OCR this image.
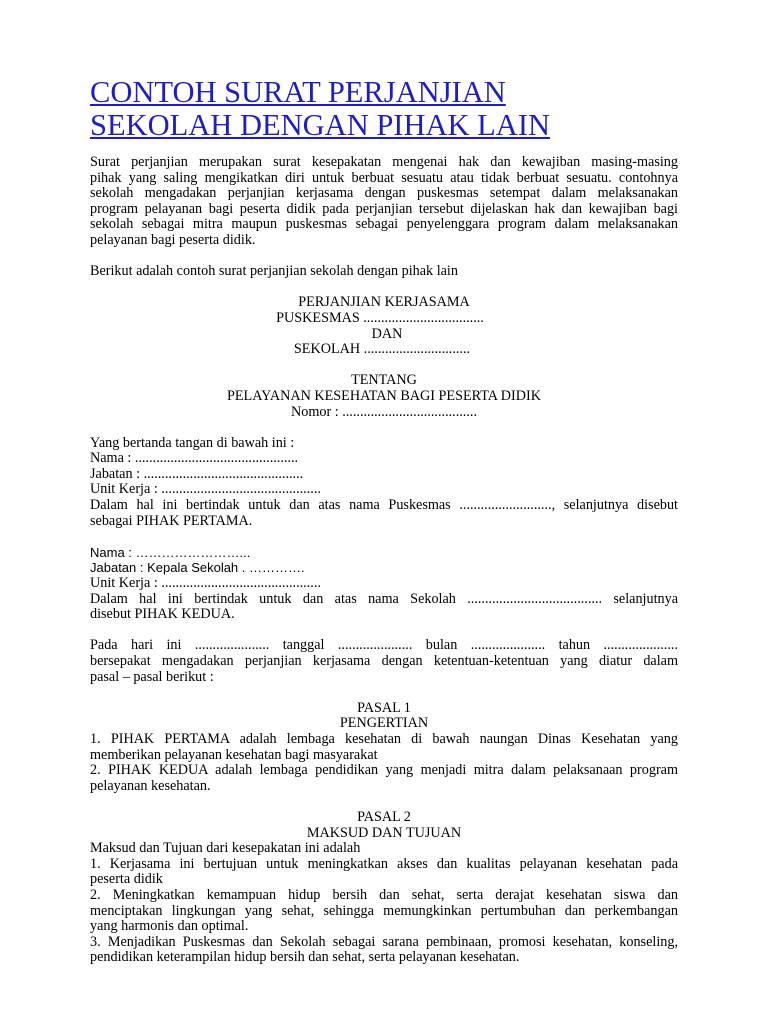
CONTOH SURAT PERJANJIAN
SEKOLAH DENGAN PIHAK LAIN

Surat perjanjian merupakan surat kesepakatan mengenai hak dan kewajiban masing-masing

pihak yang saling mengikatkan diri untuk berbuat sesuatu atau tidak berbuat sesuatu. contohnya

sekolah mengadakan perjanjian kerjasama dengan puskesmas setempat dalam melaksanakan

program pelayanan bagi peserta didik pada perjanjian tersebut dijelaskan hak dan kewajiban bagi

sekolah sebagai mitra maupun puskesmas sebagai penyelenggara program dalam melaksanakan

pelayanan bagi peserta didik.

Berikut adalah contoh surat perjanjian sekolah dengan pihak lain

PERJANJIAN KERJASAMA

PUSKESMAS ..................................

DAN

SEKOLAH ..............................

TENTANG

PELAYANAN KESEHATAN BAGI PESERTA DIDIK

Nomor : ......................................

Yang bertanda tangan di bawah ini :

Nama : ..............................................

Jabatan : .............................................

Unit Kerja : .............................................

Dalam hal ini bertindak untuk dan atas nama Puskesmas .........................., selanjutnya disebut

sebagai PIHAK PERTAMA.

Nama : ……………………...

Jabatan : Kepala Sekolah . ………….

Unit Kerja : .............................................

Dalam hal ini bertindak untuk dan atas nama Sekolah ...................................... selanjutnya

disebut PIHAK KEDUA.

Pada hari ini ..................... tanggal ..................... bulan ..................... tahun .....................

bersepakat mengadakan perjanjian kerjasama dengan ketentuan-ketentuan yang diatur dalam

pasal – pasal berikut :

PASAL 1

PENGERTIAN

1. PIHAK PERTAMA adalah lembaga kesehatan di bawah naungan Dinas Kesehatan yang

memberikan pelayanan kesehatan bagi masyarakat

2. PIHAK KEDUA adalah lembaga pendidikan yang menjadi mitra dalam pelaksanaan program

pelayanan kesehatan.

PASAL 2

MAKSUD DAN TUJUAN

Maksud dan Tujuan dari kesepakatan ini adalah

1. Kerjasama ini bertujuan untuk meningkatkan akses dan kualitas pelayanan kesehatan pada

peserta didik

2. Meningkatkan kemampuan hidup bersih dan sehat, serta derajat kesehatan siswa dan

menciptakan lingkungan yang sehat, sehingga memungkinkan pertumbuhan dan perkembangan

yang harmonis dan optimal.

3. Menjadikan Puskesmas dan Sekolah sebagai sarana pembinaan, promosi kesehatan, konseling,

pendidikan keterampilan hidup bersih dan sehat, serta pelayanan kesehatan.
